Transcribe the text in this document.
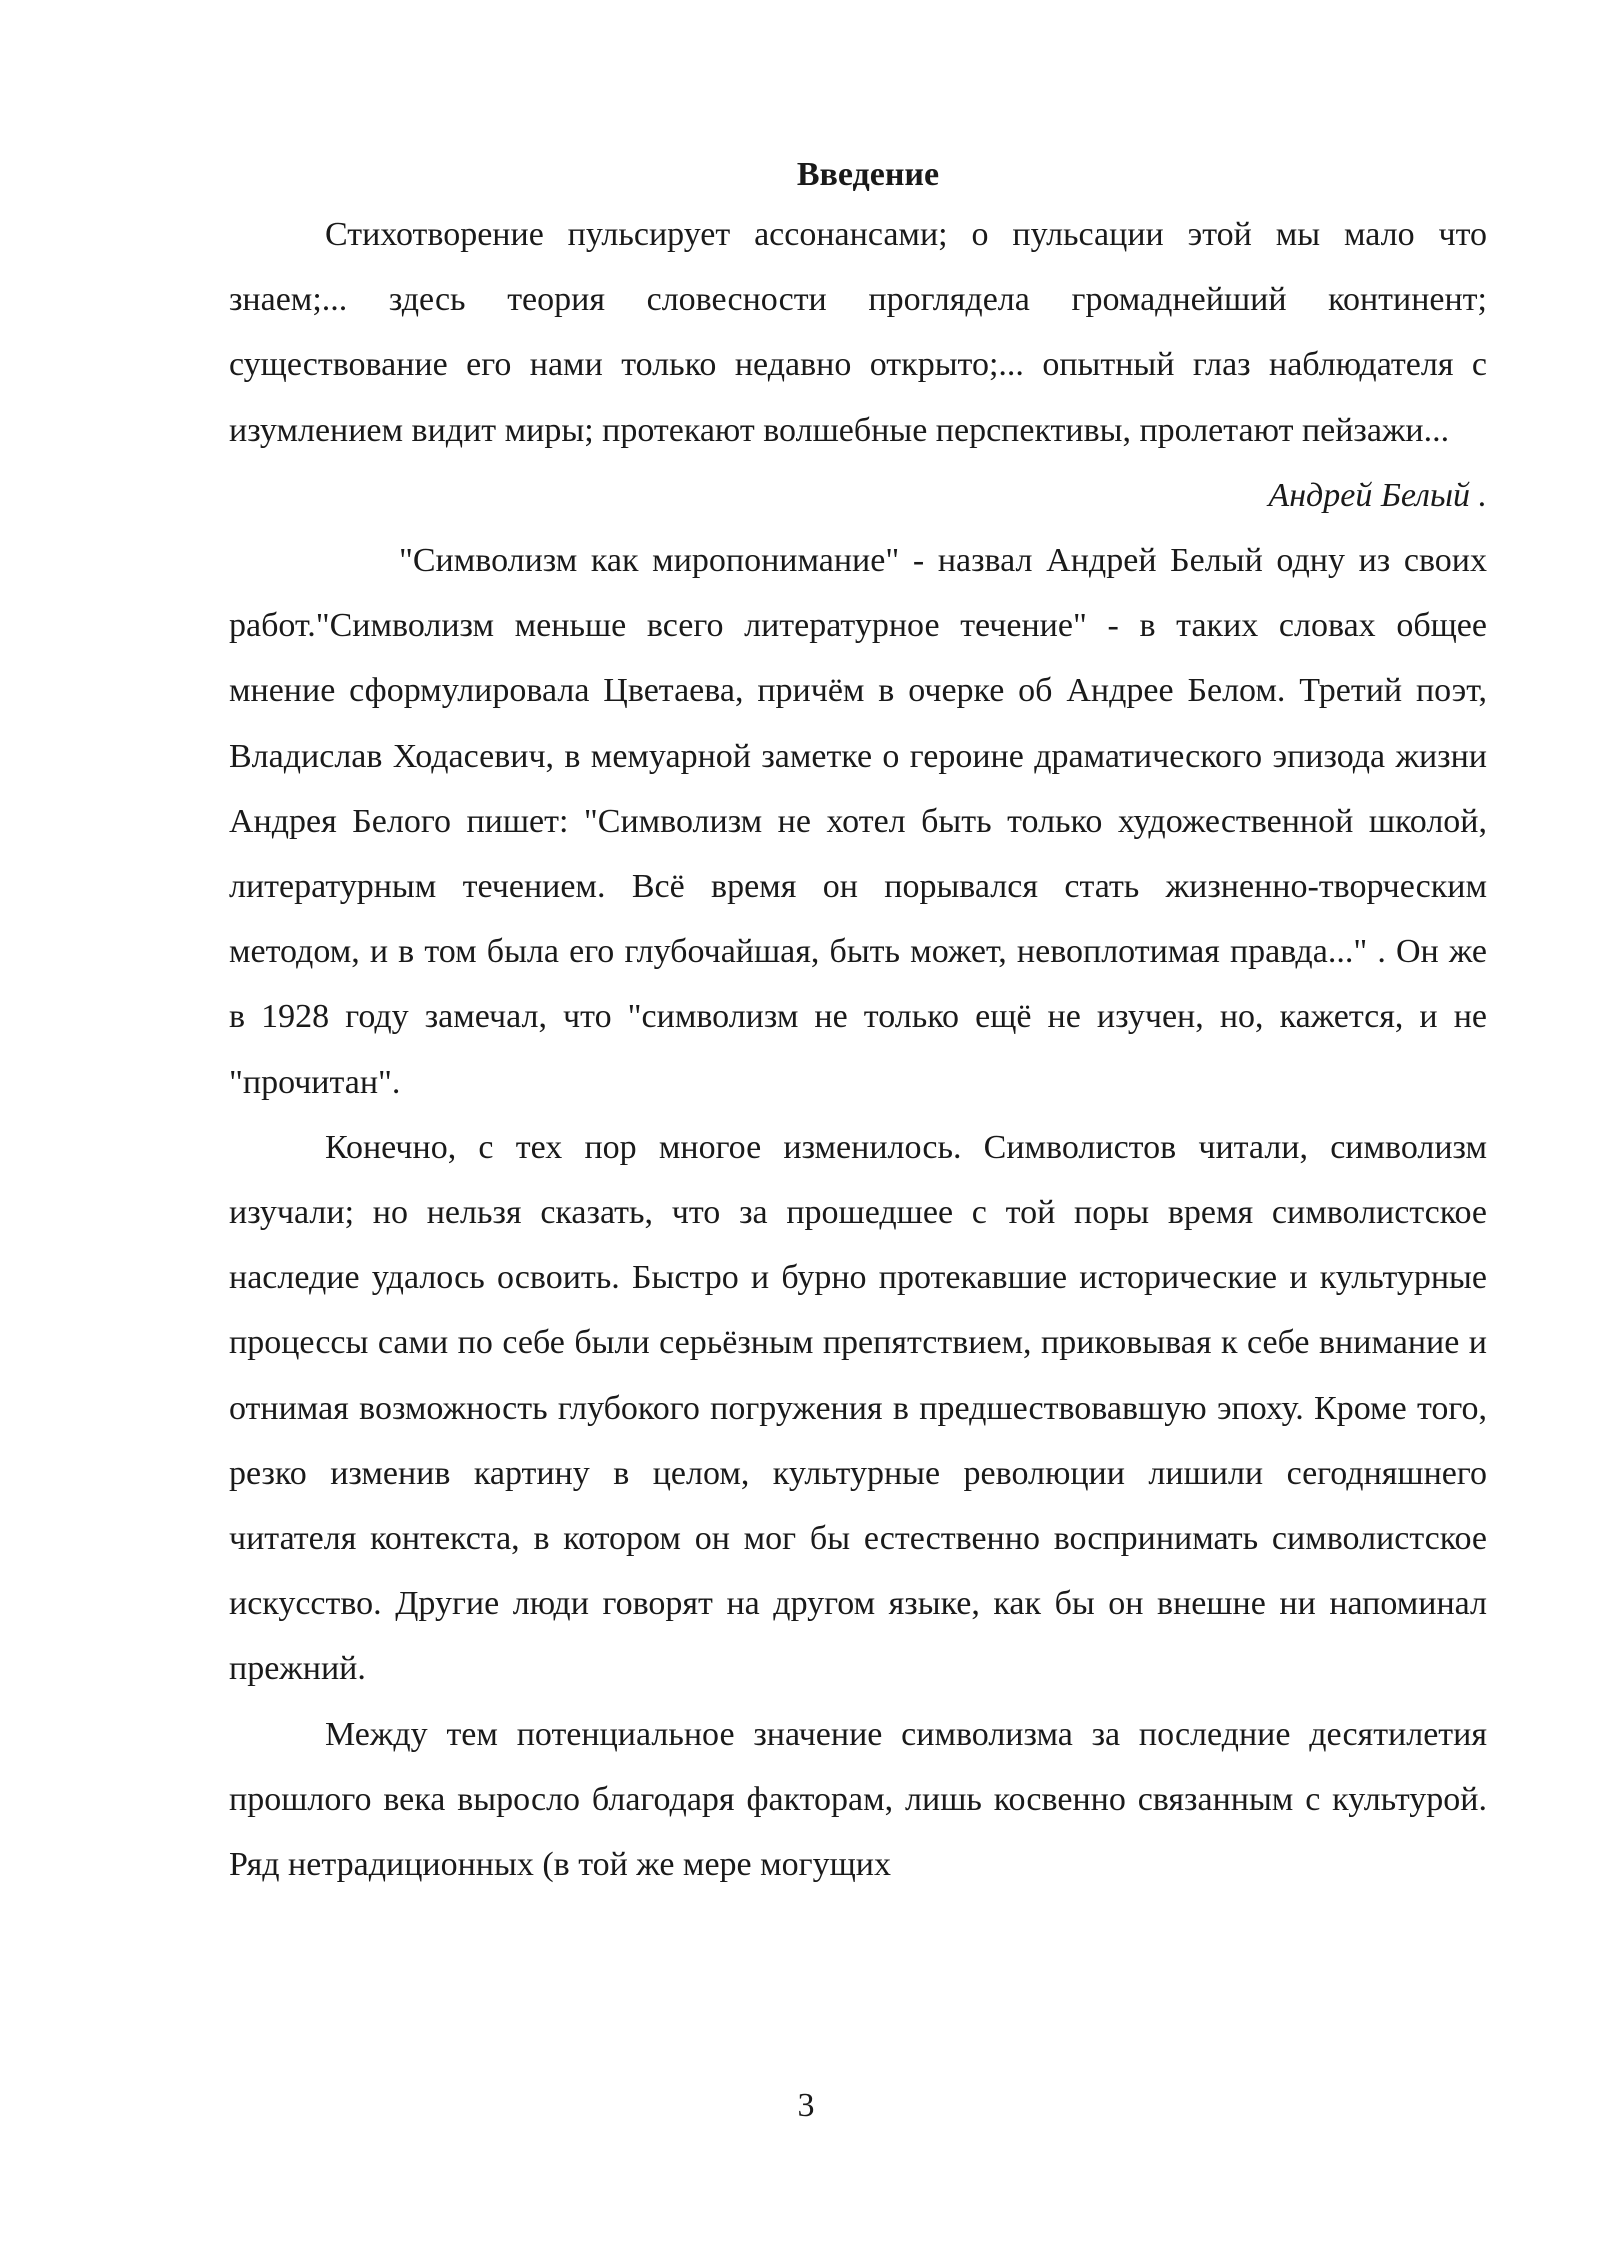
Введение

Стихотворение пульсирует ассонансами; о пульсации этой мы мало что знаем;... здесь теория словесности проглядела громаднейший континент; существование его нами только недавно открыто;... опытный глаз наблюдателя с изумлением видит миры; протекают волшебные перспективы, пролетают пейзажи...

Андрей Белый .

"Символизм как миропонимание" - назвал Андрей Белый одну из своих работ."Символизм меньше всего литературное течение" - в таких словах общее мнение сформулировала Цветаева, причём в очерке об Андрее Белом. Третий поэт, Владислав Ходасевич, в мемуарной заметке о героине драматического эпизода жизни Андрея Белого пишет: "Символизм не хотел быть только художественной школой, литературным течением. Всё время он порывался стать жизненно-творческим методом, и в том была его глубочайшая, быть может, невоплотимая правда..." . Он же в 1928 году замечал, что "символизм не только ещё не изучен, но, кажется, и не "прочитан".

Конечно, с тех пор многое изменилось. Символистов читали, символизм изучали; но нельзя сказать, что за прошедшее с той поры время символистское наследие удалось освоить. Быстро и бурно протекавшие исторические и культурные процессы сами по себе были серьёзным препятствием, приковывая к себе внимание и отнимая возможность глубокого погружения в предшествовавшую эпоху. Кроме того, резко изменив картину в целом, культурные революции лишили сегодняшнего читателя контекста, в котором он мог бы естественно воспринимать символистское искусство. Другие люди говорят на другом языке, как бы он внешне ни напоминал прежний.

Между тем потенциальное значение символизма за последние десятилетия прошлого века выросло благодаря факторам, лишь косвенно связанным с культурой. Ряд нетрадиционных (в той же мере могущих

3
